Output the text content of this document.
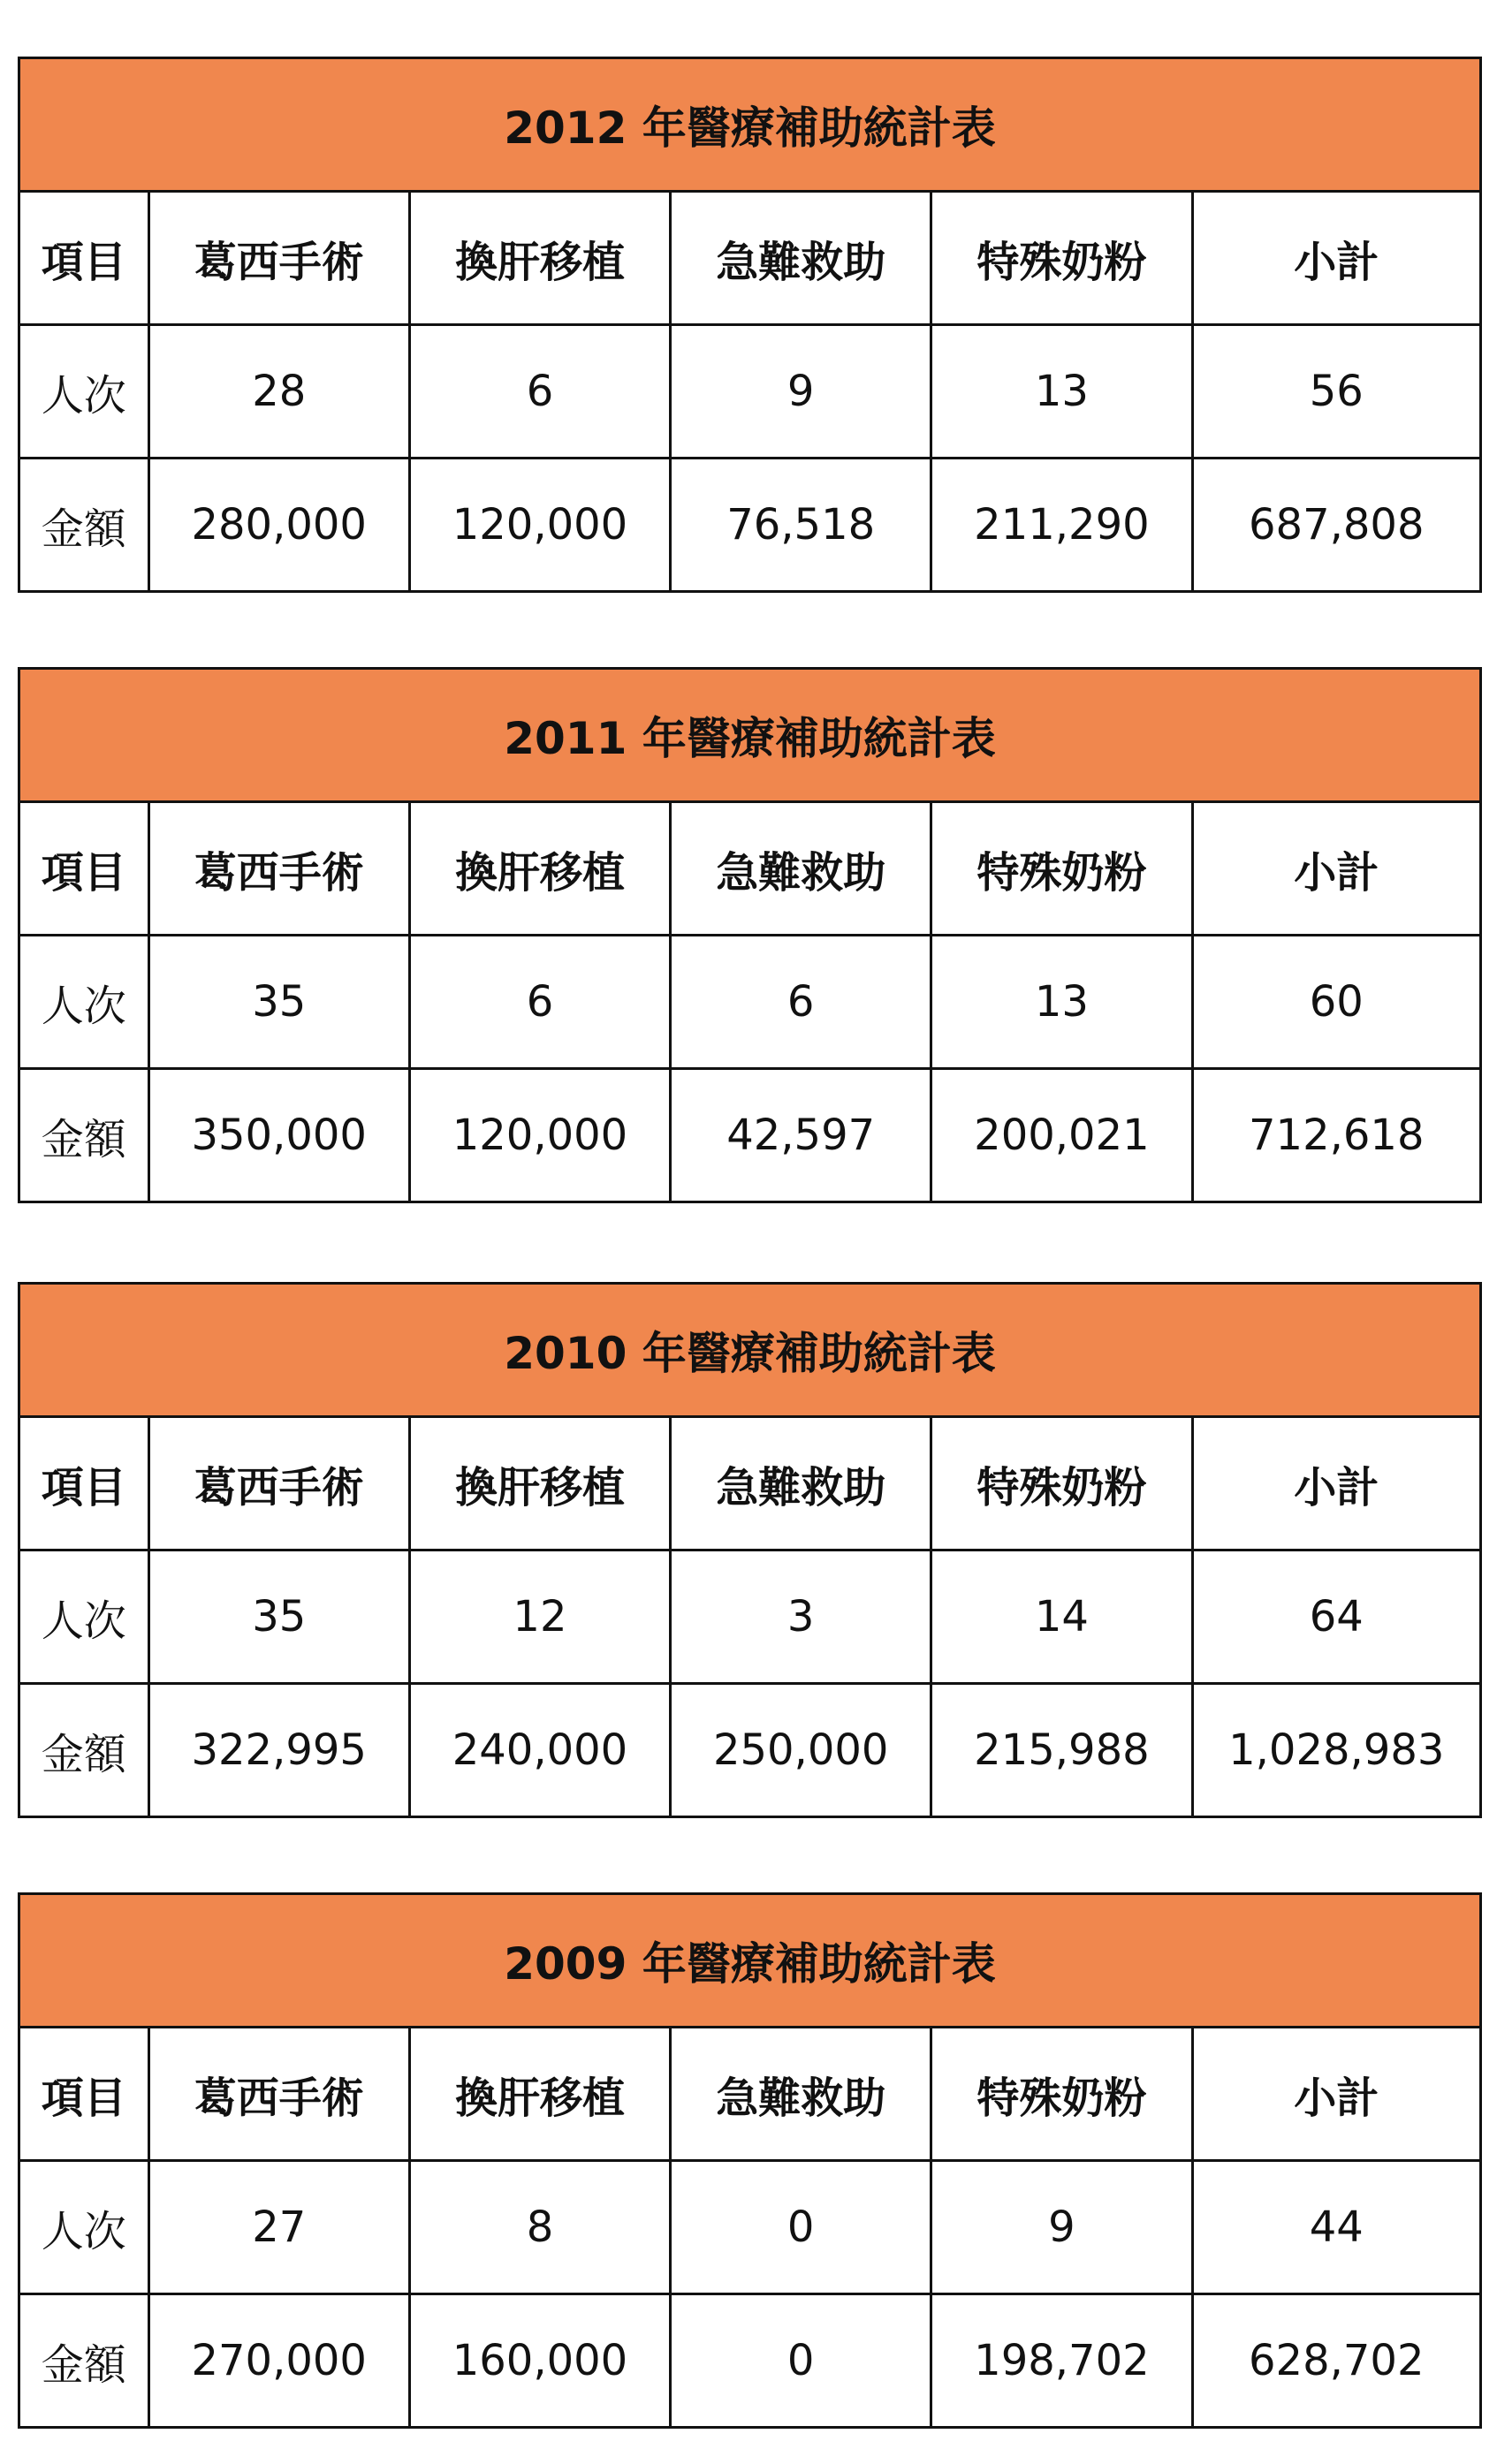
2012 年醫療補助統計表					
項目	葛西手術	換肝移植	急難救助	特殊奶粉	小計
人次	28	6	9	13	56
金額	280,000	120,000	76,518	211,290	687,808
2011 年醫療補助統計表					
項目	葛西手術	換肝移植	急難救助	特殊奶粉	小計
人次	35	6	6	13	60
金額	350,000	120,000	42,597	200,021	712,618
2010 年醫療補助統計表					
項目	葛西手術	換肝移植	急難救助	特殊奶粉	小計
人次	35	12	3	14	64
金額	322,995	240,000	250,000	215,988	1,028,983
2009 年醫療補助統計表					
項目	葛西手術	換肝移植	急難救助	特殊奶粉	小計
人次	27	8	0	9	44
金額	270,000	160,000	0	198,702	628,702
